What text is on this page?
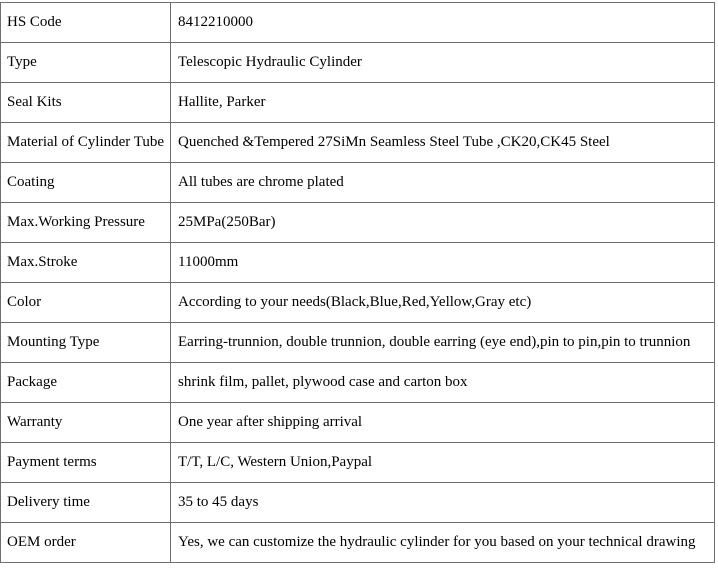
HS Code	8412210000
Type	Telescopic Hydraulic Cylinder
Seal Kits	Hallite, Parker
Material of Cylinder Tube	Quenched &Tempered 27SiMn Seamless Steel Tube ,CK20,CK45 Steel
Coating	All tubes are chrome plated
Max.Working Pressure	25MPa(250Bar)
Max.Stroke	11000mm
Color	According to your needs(Black,Blue,Red,Yellow,Gray etc)
Mounting Type	Earring-trunnion, double trunnion, double earring (eye end),pin to pin,pin to trunnion
Package	shrink film, pallet, plywood case and carton box
Warranty	One year after shipping arrival
Payment terms	T/T, L/C, Western Union,Paypal
Delivery time	35 to 45 days
OEM order	Yes, we can customize the hydraulic cylinder for you based on your technical drawing
